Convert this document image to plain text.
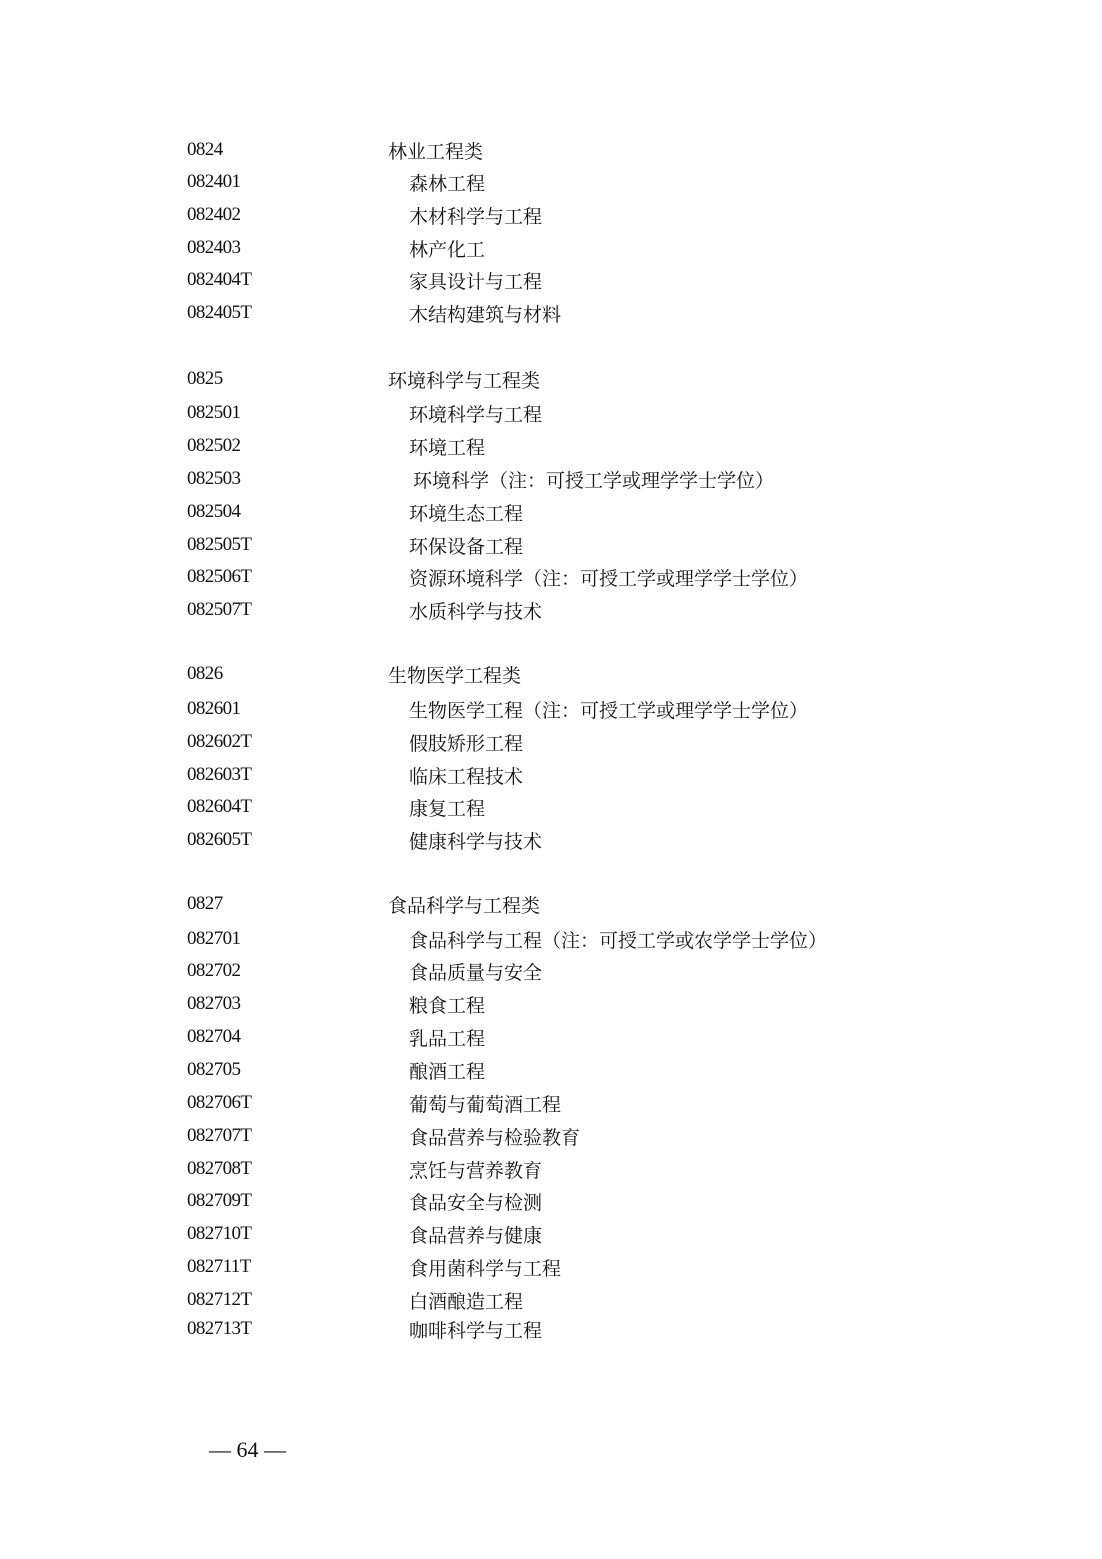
0824	林业工程类
082401	森林工程
082402	木材科学与工程
082403	林产化工
082404T	家具设计与工程
082405T	木结构建筑与材料
0825	环境科学与工程类
082501	环境科学与工程
082502	环境工程
082503	环境科学（注：可授工学或理学学士学位）
082504	环境生态工程
082505T	环保设备工程
082506T	资源环境科学（注：可授工学或理学学士学位）
082507T	水质科学与技术
0826	生物医学工程类
082601	生物医学工程（注：可授工学或理学学士学位）
082602T	假肢矫形工程
082603T	临床工程技术
082604T	康复工程
082605T	健康科学与技术
0827	食品科学与工程类
082701	食品科学与工程（注：可授工学或农学学士学位）
082702	食品质量与安全
082703	粮食工程
082704	乳品工程
082705	酿酒工程
082706T	葡萄与葡萄酒工程
082707T	食品营养与检验教育
082708T	烹饪与营养教育
082709T	食品安全与检测
082710T	食品营养与健康
082711T	食用菌科学与工程
082712T	白酒酿造工程
082713T	咖啡科学与工程
— 64 —
